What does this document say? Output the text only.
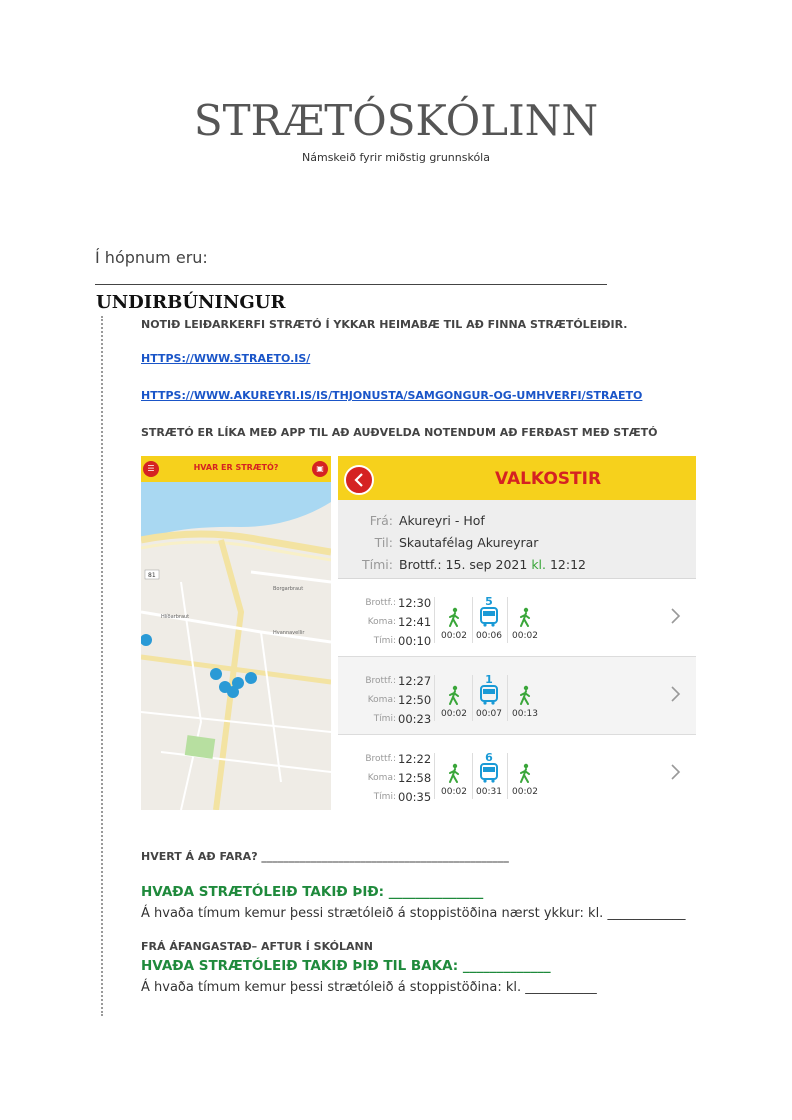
STRÆTÓSKÓLINN
Námskeið fyrir miðstig grunnskóla
Í hópnum eru:
UNDIRBÚNINGUR
NOTIÐ LEIÐARKERFI STRÆTÓ Í YKKAR HEIMABÆ TIL AÐ FINNA STRÆTÓLEIÐIR.
HTTPS://WWW.STRAETO.IS/
HTTPS://WWW.AKUREYRI.IS/IS/THJONUSTA/SAMGONGUR-OG-UMHVERFI/STRAETO
STRÆTÓ ER LÍKA MEÐ APP TIL AÐ AUÐVELDA NOTENDUM AÐ FERÐAST MEÐ STÆTÓ
☰	HVAR ER STRÆTÓ?	▣
81
Borgarbraut
Hlíðarbraut
Hvannavellir
VALKOSTIR
Frá: Akureyri - Hof
Til: Skautafélag Akureyrar
Tími: Brottf.: 15. sep 2021 kl. 12:12
Brottf.: 12:30
Koma: 12:41
Tími: 00:10	00:02
5
00:06	00:02
Brottf.: 12:27
Koma: 12:50
Tími: 00:23	00:02
1
00:07	00:13
Brottf.: 12:22
Koma: 12:58
Tími: 00:35	00:02
6
00:31	00:02
HVERT Á AÐ FARA? _____________________________________________
HVAÐA STRÆTÓLEIÐ TAKIÐ ÞIÐ: ______________
Á hvaða tímum kemur þessi strætóleið á stoppistöðina nærst ykkur: kl. ____________
FRÁ ÁFANGASTAÐ– AFTUR Í SKÓLANN
HVAÐA STRÆTÓLEIÐ TAKIÐ ÞIÐ TIL BAKA: _____________
Á hvaða tímum kemur þessi strætóleið á stoppistöðina: kl. ___________
